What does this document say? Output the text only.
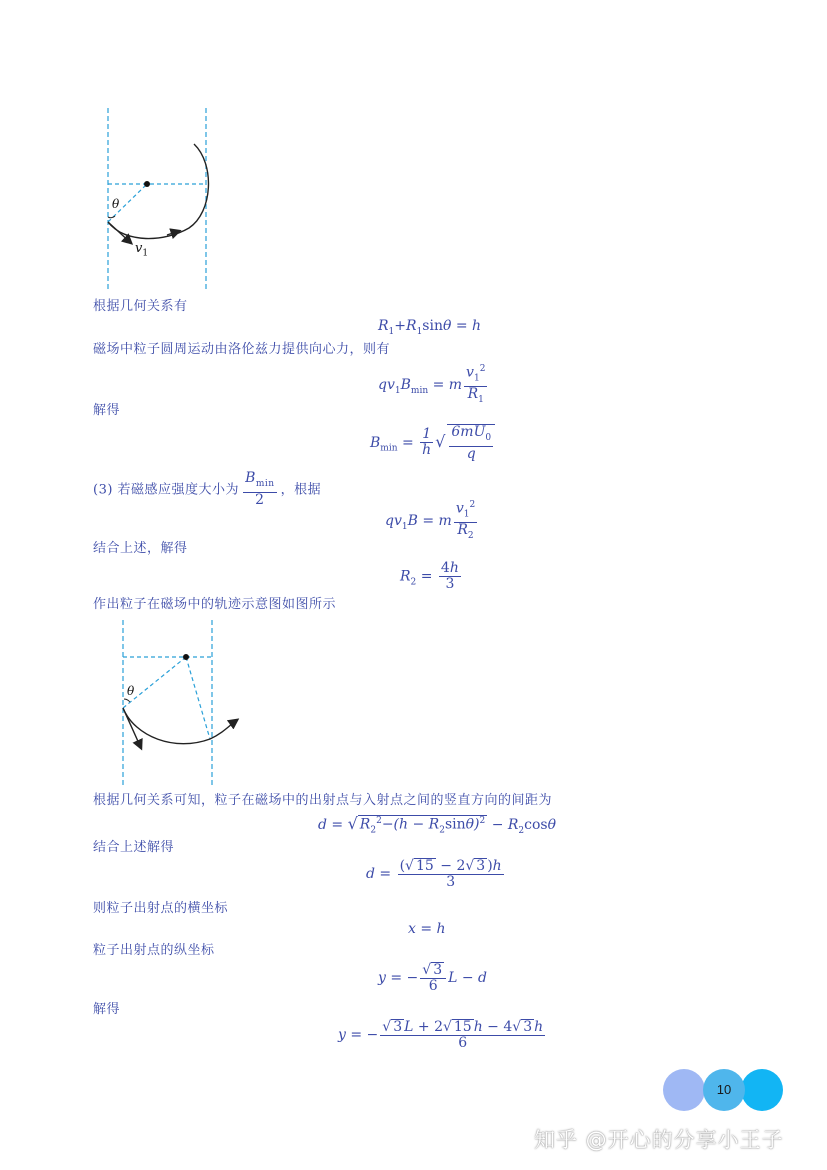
θ
$v_1$
根据几何关系有
$R_1+R_1\sin\theta = h$
磁场中粒子圆周运动由洛伦兹力提供向心力，则有
$qv_1B_{min} = m \frac{v_1^2}{R_1}$
解得
$B_{min} = \frac{1}{h}$ √ $\frac{6mU_0}{q}$
(3) 若磁感应强度大小为 $\frac{B_{min}}{2}$ ，根据
$qv_1B = m \frac{v_1^2}{R_2}$
结合上述，解得
$R_2 = \frac{4h}{3}$
作出粒子在磁场中的轨迹示意图如图所示
θ
根据几何关系可知，粒子在磁场中的出射点与入射点之间的竖直方向的间距为
d = √ $R_2^2-(h - R_2\sin\theta)^2 - R_2\cos\theta$
结合上述解得
$d = \frac{(√ 15 - 2√ 3 )h}{3}$
则粒子出射点的横坐标
x = h
粒子出射点的纵坐标
y = − $\frac{√ 3}{6}$ L − d
解得
y = − $\frac{√ 3 L + 2√ 15 h - 4√ 3 h}{6}$
10
知乎 @开心的分享小王子
